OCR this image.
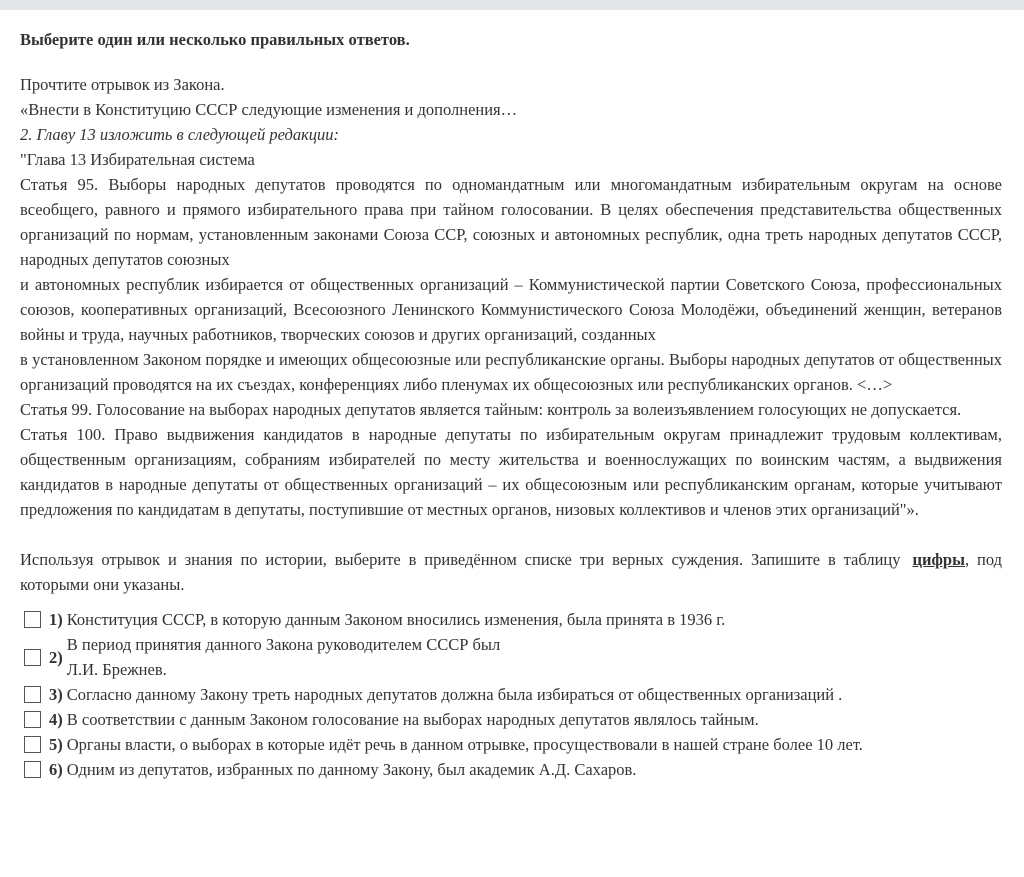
Выберите один или несколько правильных ответов.

Прочтите отрывок из Закона.

«Внести в Конституцию СССР следующие изменения и дополнения…

2. Главу 13 изложить в следующей редакции:

"Глава 13 Избирательная система

Статья 95. Выборы народных депутатов проводятся по одномандатным или многомандатным избирательным округам на основе всеобщего, равного и прямого избирательного права при тайном голосовании. В целях обеспечения представительства общественных организаций по нормам, установленным законами Союза ССР, союзных и автономных республик, одна треть народных депутатов СССР, народных депутатов союзных

и автономных республик избирается от общественных организаций – Коммунистической партии Советского Союза, профессиональных союзов, кооперативных организаций, Всесоюзного Ленинского Коммунистического Союза Молодёжи, объединений женщин, ветеранов войны и труда, научных работников, творческих союзов и других организаций, созданных

в установленном Законом порядке и имеющих общесоюзные или республиканские органы. Выборы народных депутатов от общественных организаций проводятся на их съездах, конференциях либо пленумах их общесоюзных или республиканских органов. <…>

Статья 99. Голосование на выборах народных депутатов является тайным: контроль за волеизъявлением голосующих не допускается.

Статья 100. Право выдвижения кандидатов в народные депутаты по избирательным округам принадлежит трудовым коллективам, общественным организациям, собраниям избирателей по месту жительства и военнослужащих по воинским частям, а выдвижения кандидатов в народные депутаты от общественных организаций – их общесоюзным или республиканским органам, которые учитывают предложения по кандидатам в депутаты, поступившие от местных органов, низовых коллективов и членов этих организаций"».

Используя отрывок и знания по истории, выберите в приведённом списке три верных суждения. Запишите в таблицу цифры, под которыми они указаны.

1) Конституция СССР, в которую данным Законом вносились изменения, была принята в 1936 г.
2)
В период принятия данного Закона руководителем СССР был
Л.И. Брежнев.
3) Согласно данному Закону треть народных депутатов должна была избираться от общественных организаций .
4) В соответствии с данным Законом голосование на выборах народных депутатов являлось тайным.
5) Органы власти, о выборах в которые идёт речь в данном отрывке, просуществовали в нашей стране более 10 лет.
6) Одним из депутатов, избранных по данному Закону, был академик А.Д. Сахаров.
